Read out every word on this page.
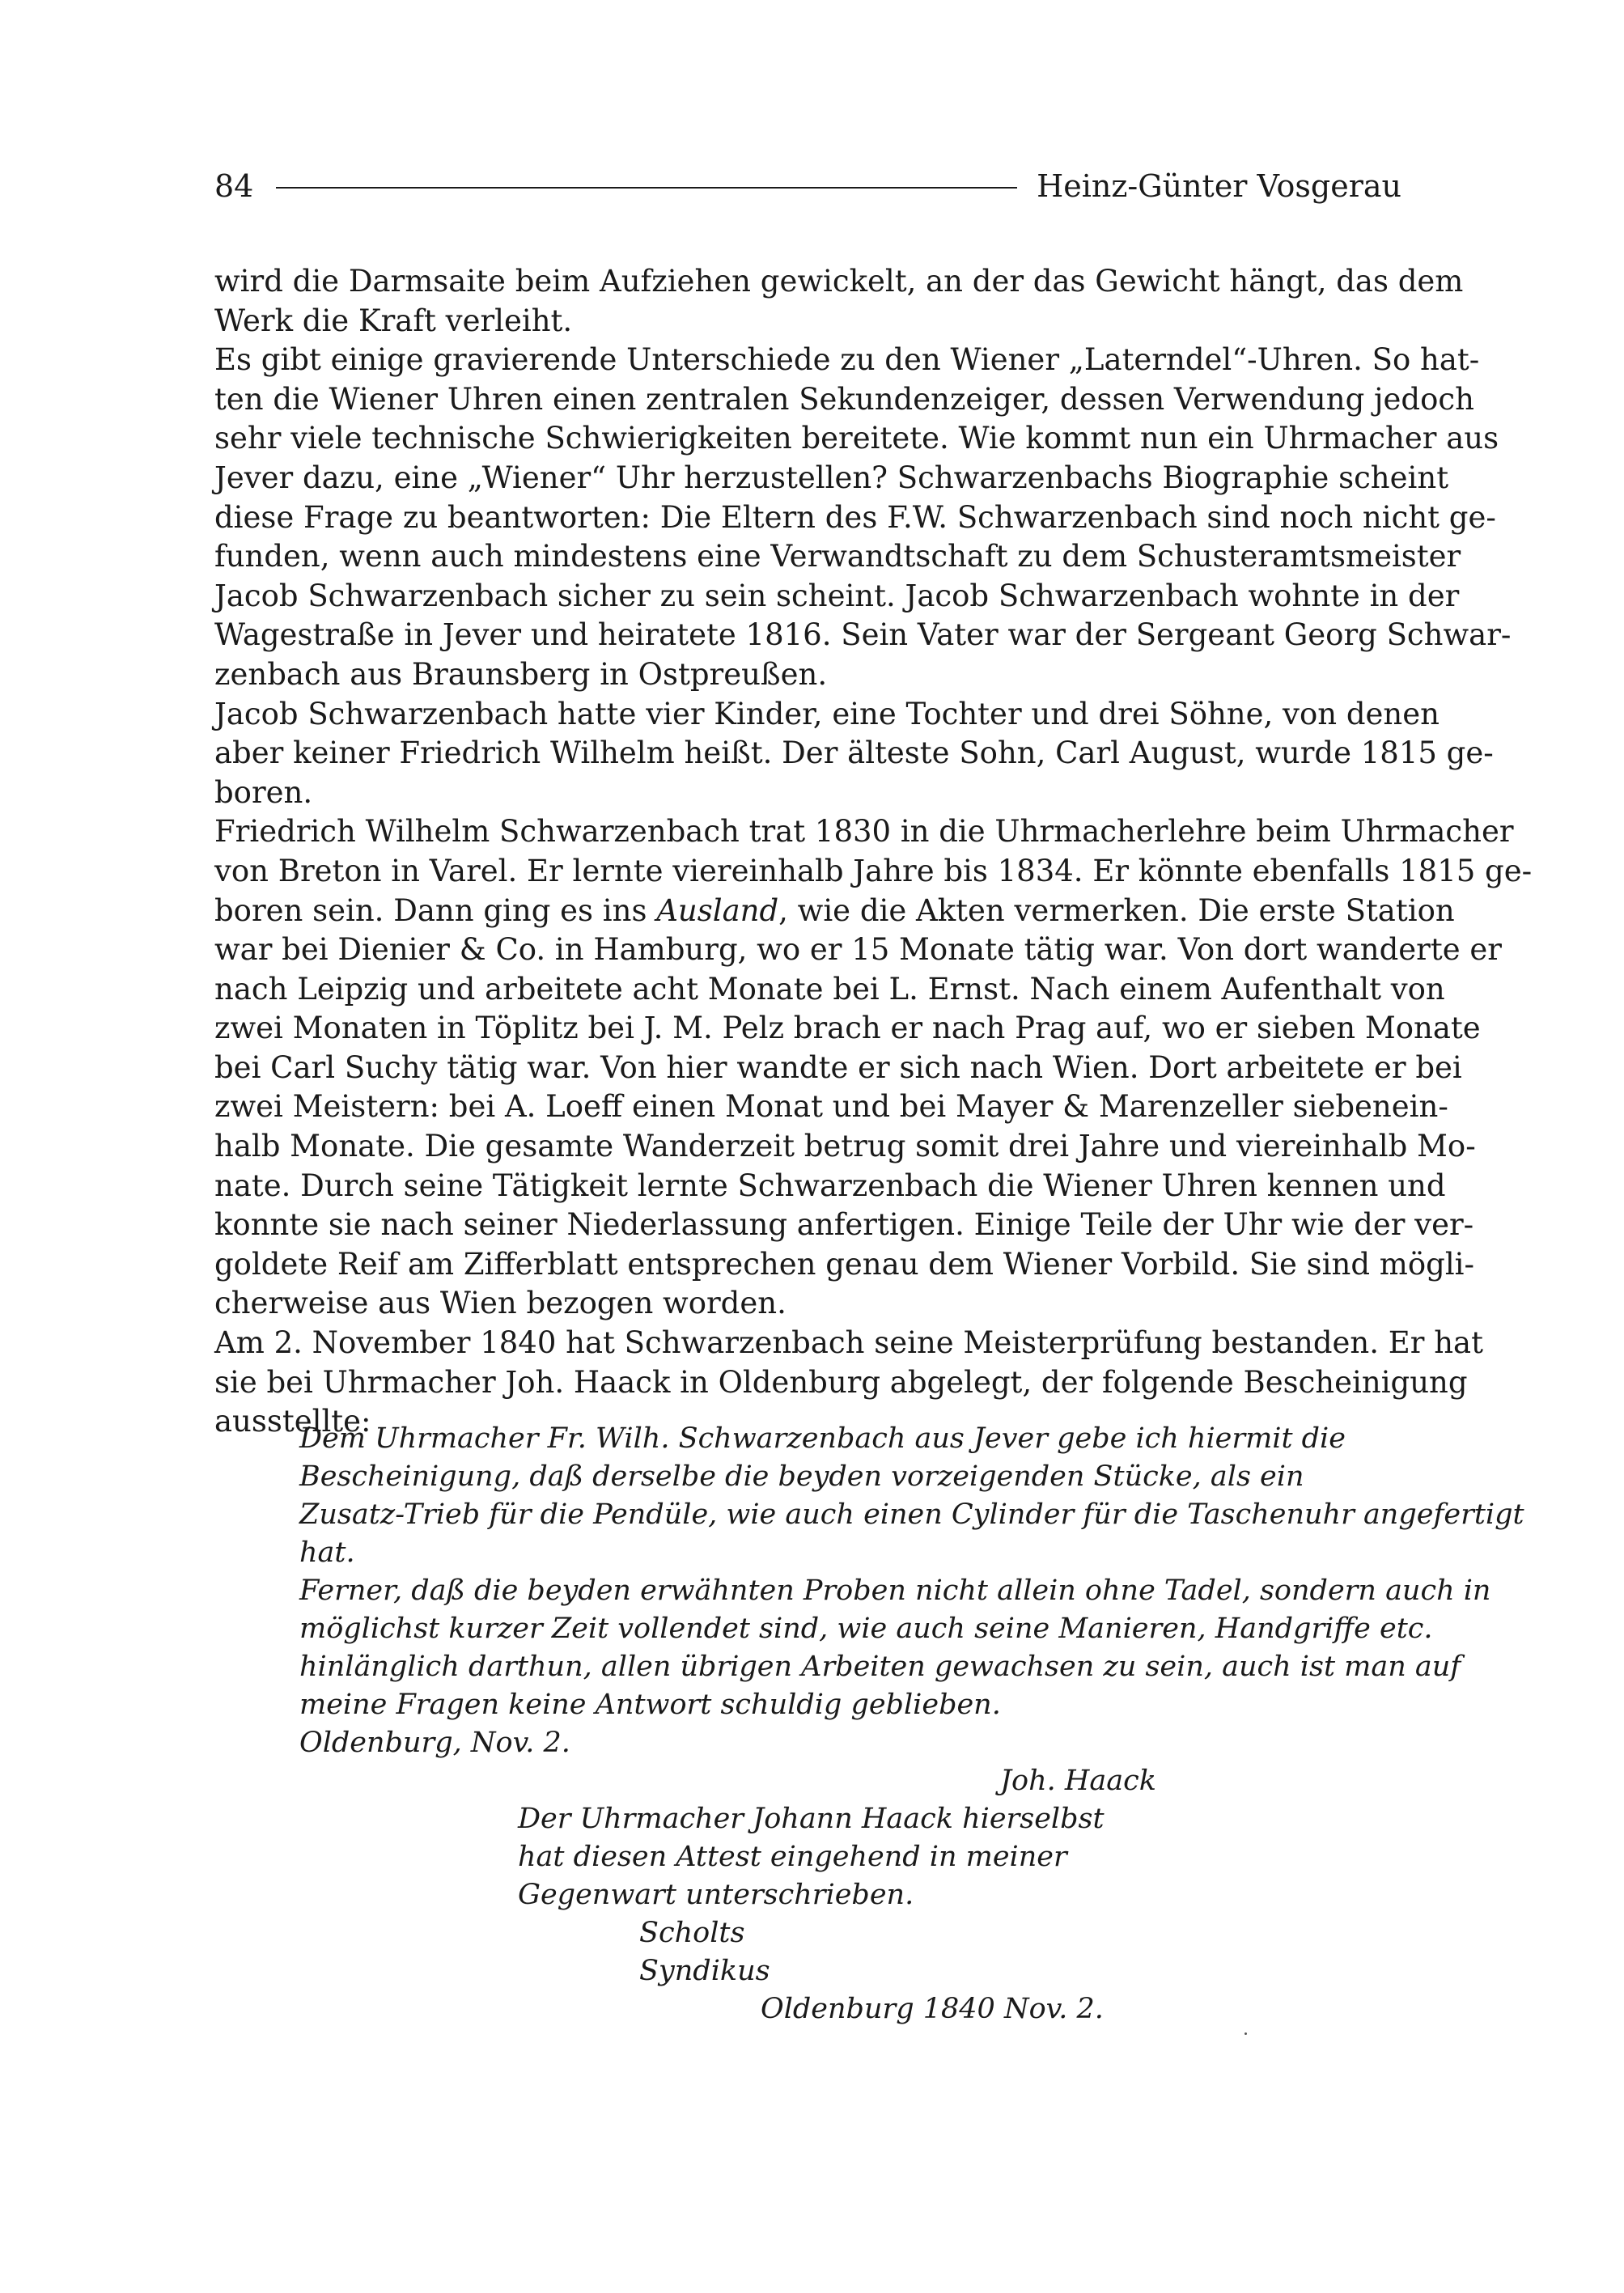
84	Heinz-Günter Vosgerau
wird die Darmsaite beim Aufziehen gewickelt, an der das Gewicht hängt, das dem
Werk die Kraft verleiht.
Es gibt einige gravierende Unterschiede zu den Wiener „Laterndel“-Uhren. So hat-
ten die Wiener Uhren einen zentralen Sekundenzeiger, dessen Verwendung jedoch
sehr viele technische Schwierigkeiten bereitete. Wie kommt nun ein Uhrmacher aus
Jever dazu, eine „Wiener“ Uhr herzustellen? Schwarzenbachs Biographie scheint
diese Frage zu beantworten: Die Eltern des F.W. Schwarzenbach sind noch nicht ge-
funden, wenn auch mindestens eine Verwandtschaft zu dem Schusteramtsmeister
Jacob Schwarzenbach sicher zu sein scheint. Jacob Schwarzenbach wohnte in der
Wagestraße in Jever und heiratete 1816. Sein Vater war der Sergeant Georg Schwar-
zenbach aus Braunsberg in Ostpreußen.
Jacob Schwarzenbach hatte vier Kinder, eine Tochter und drei Söhne, von denen
aber keiner Friedrich Wilhelm heißt. Der älteste Sohn, Carl August, wurde 1815 ge-
boren.
Friedrich Wilhelm Schwarzenbach trat 1830 in die Uhrmacherlehre beim Uhrmacher
von Breton in Varel. Er lernte viereinhalb Jahre bis 1834. Er könnte ebenfalls 1815 ge-
boren sein. Dann ging es ins Ausland, wie die Akten vermerken. Die erste Station
war bei Dienier & Co. in Hamburg, wo er 15 Monate tätig war. Von dort wanderte er
nach Leipzig und arbeitete acht Monate bei L. Ernst. Nach einem Aufenthalt von
zwei Monaten in Töplitz bei J. M. Pelz brach er nach Prag auf, wo er sieben Monate
bei Carl Suchy tätig war. Von hier wandte er sich nach Wien. Dort arbeitete er bei
zwei Meistern: bei A. Loeff einen Monat und bei Mayer & Marenzeller siebenein-
halb Monate. Die gesamte Wanderzeit betrug somit drei Jahre und viereinhalb Mo-
nate. Durch seine Tätigkeit lernte Schwarzenbach die Wiener Uhren kennen und
konnte sie nach seiner Niederlassung anfertigen. Einige Teile der Uhr wie der ver-
goldete Reif am Zifferblatt entsprechen genau dem Wiener Vorbild. Sie sind mögli-
cherweise aus Wien bezogen worden.
Am 2. November 1840 hat Schwarzenbach seine Meisterprüfung bestanden. Er hat
sie bei Uhrmacher Joh. Haack in Oldenburg abgelegt, der folgende Bescheinigung
ausstellte:
Dem Uhrmacher Fr. Wilh. Schwarzenbach aus Jever gebe ich hiermit die
Bescheinigung, daß derselbe die beyden vorzeigenden Stücke, als ein
Zusatz-Trieb für die Pendüle, wie auch einen Cylinder für die Taschenuhr angefertigt
hat.
Ferner, daß die beyden erwähnten Proben nicht allein ohne Tadel, sondern auch in
möglichst kurzer Zeit vollendet sind, wie auch seine Manieren, Handgriffe etc.
hinlänglich darthun, allen übrigen Arbeiten gewachsen zu sein, auch ist man auf
meine Fragen keine Antwort schuldig geblieben.
Oldenburg, Nov. 2.
Joh. Haack
Der Uhrmacher Johann Haack hierselbst
hat diesen Attest eingehend in meiner
Gegenwart unterschrieben.
Scholts
Syndikus
Oldenburg 1840 Nov. 2.
